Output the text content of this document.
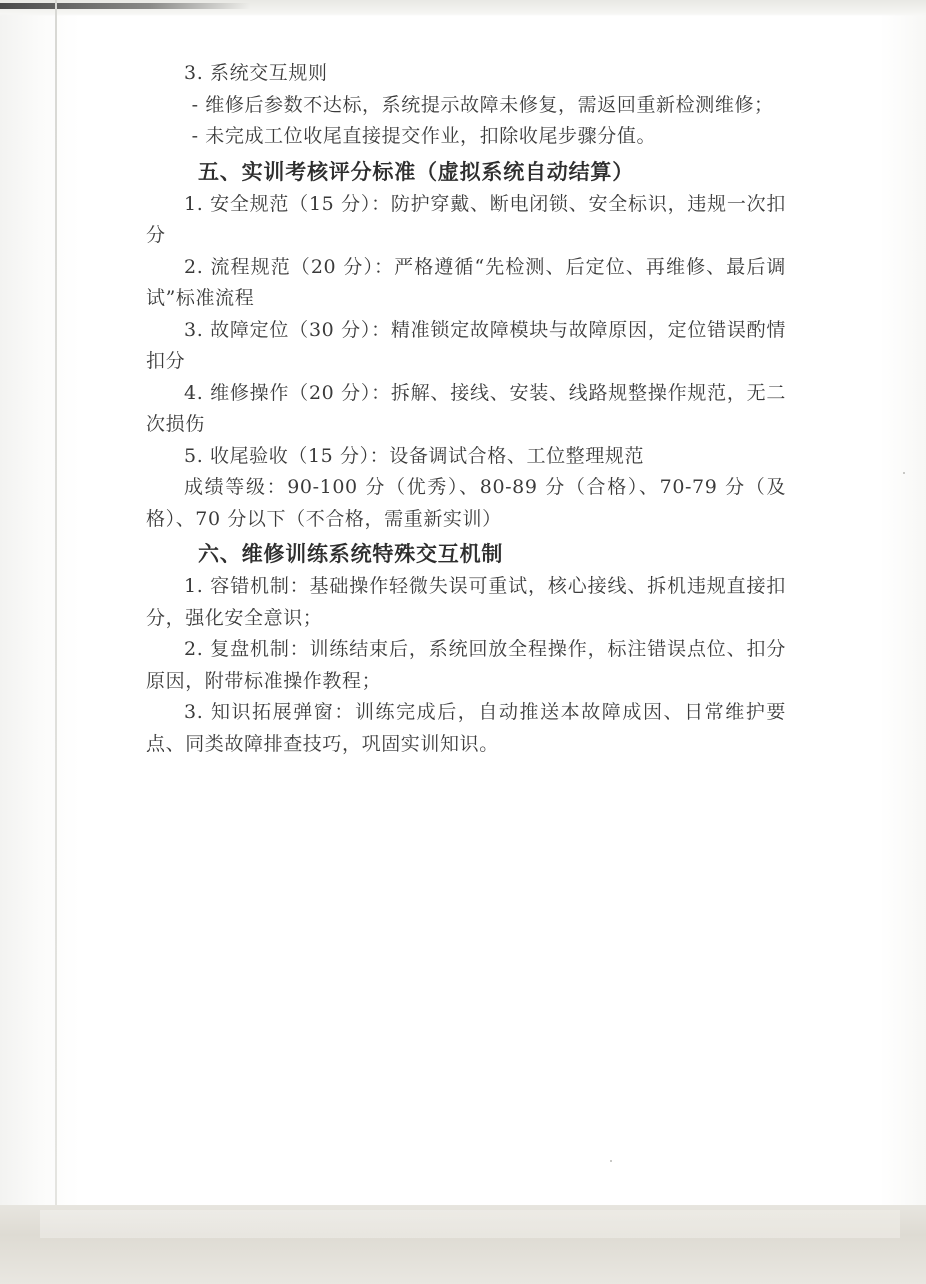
3. 系统交互规则

- 维修后参数不达标，系统提示故障未修复，需返回重新检测维修；

- 未完成工位收尾直接提交作业，扣除收尾步骤分值。

五、实训考核评分标准（虚拟系统自动结算）

1. 安全规范（15 分）：防护穿戴、断电闭锁、安全标识，违规一次扣分

2. 流程规范（20 分）：严格遵循“先检测、后定位、再维修、最后调试”标准流程

3. 故障定位（30 分）：精准锁定故障模块与故障原因，定位错误酌情扣分

4. 维修操作（20 分）：拆解、接线、安装、线路规整操作规范，无二次损伤

5. 收尾验收（15 分）：设备调试合格、工位整理规范

成绩等级：90-100 分（优秀）、80-89 分（合格）、70-79 分（及格）、70 分以下（不合格，需重新实训）

六、维修训练系统特殊交互机制

1. 容错机制：基础操作轻微失误可重试，核心接线、拆机违规直接扣分，强化安全意识；

2. 复盘机制：训练结束后，系统回放全程操作，标注错误点位、扣分原因，附带标准操作教程；

3. 知识拓展弹窗：训练完成后，自动推送本故障成因、日常维护要点、同类故障排查技巧，巩固实训知识。
